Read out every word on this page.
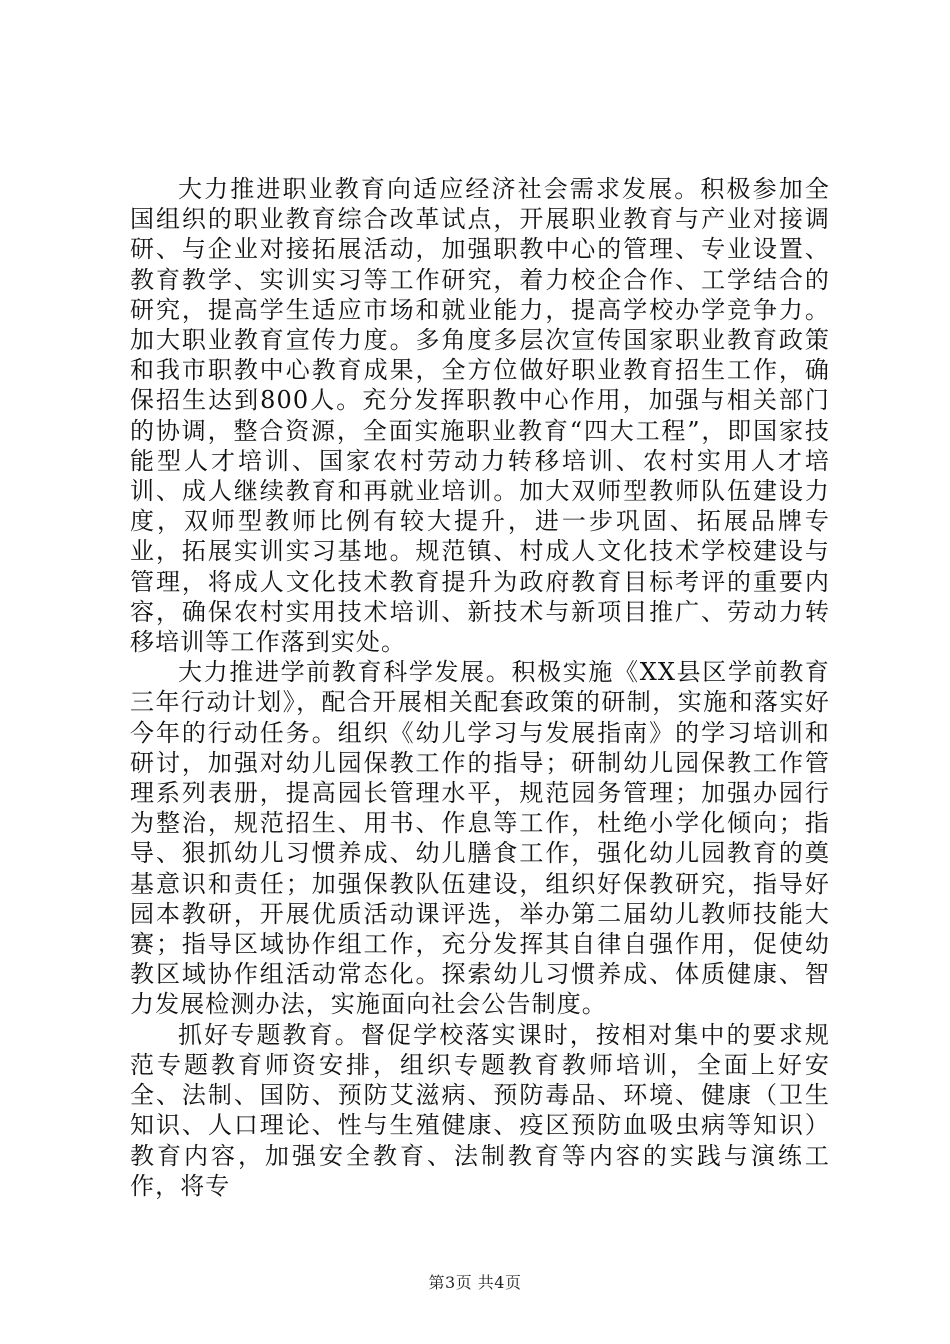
大力推进职业教育向适应经济社会需求发展。积极参加全国组织的职业教育综合改革试点，开展职业教育与产业对接调研、与企业对接拓展活动，加强职教中心的管理、专业设置、教育教学、实训实习等工作研究，着力校企合作、工学结合的研究，提高学生适应市场和就业能力，提高学校办学竞争力。加大职业教育宣传力度。多角度多层次宣传国家职业教育政策和我市职教中心教育成果，全方位做好职业教育招生工作，确保招生达到800人。充分发挥职教中心作用，加强与相关部门的协调，整合资源，全面实施职业教育“四大工程”，即国家技能型人才培训、国家农村劳动力转移培训、农村实用人才培训、成人继续教育和再就业培训。加大双师型教师队伍建设力度，双师型教师比例有较大提升，进一步巩固、拓展品牌专业，拓展实训实习基地。规范镇、村成人文化技术学校建设与管理，将成人文化技术教育提升为政府教育目标考评的重要内容，确保农村实用技术培训、新技术与新项目推广、劳动力转移培训等工作落到实处。

大力推进学前教育科学发展。积极实施《XX县区学前教育三年行动计划》，配合开展相关配套政策的研制，实施和落实好今年的行动任务。组织《幼儿学习与发展指南》的学习培训和研讨，加强对幼儿园保教工作的指导；研制幼儿园保教工作管理系列表册，提高园长管理水平，规范园务管理；加强办园行为整治，规范招生、用书、作息等工作，杜绝小学化倾向；指导、狠抓幼儿习惯养成、幼儿膳食工作，强化幼儿园教育的奠基意识和责任；加强保教队伍建设，组织好保教研究，指导好园本教研，开展优质活动课评选，举办第二届幼儿教师技能大赛；指导区域协作组工作，充分发挥其自律自强作用，促使幼教区域协作组活动常态化。探索幼儿习惯养成、体质健康、智力发展检测办法，实施面向社会公告制度。

抓好专题教育。督促学校落实课时，按相对集中的要求规范专题教育师资安排，组织专题教育教师培训，全面上好安全、法制、国防、预防艾滋病、预防毒品、环境、健康（卫生知识、人口理论、性与生殖健康、疫区预防血吸虫病等知识）教育内容，加强安全教育、法制教育等内容的实践与演练工作，将专

第3页 共4页
